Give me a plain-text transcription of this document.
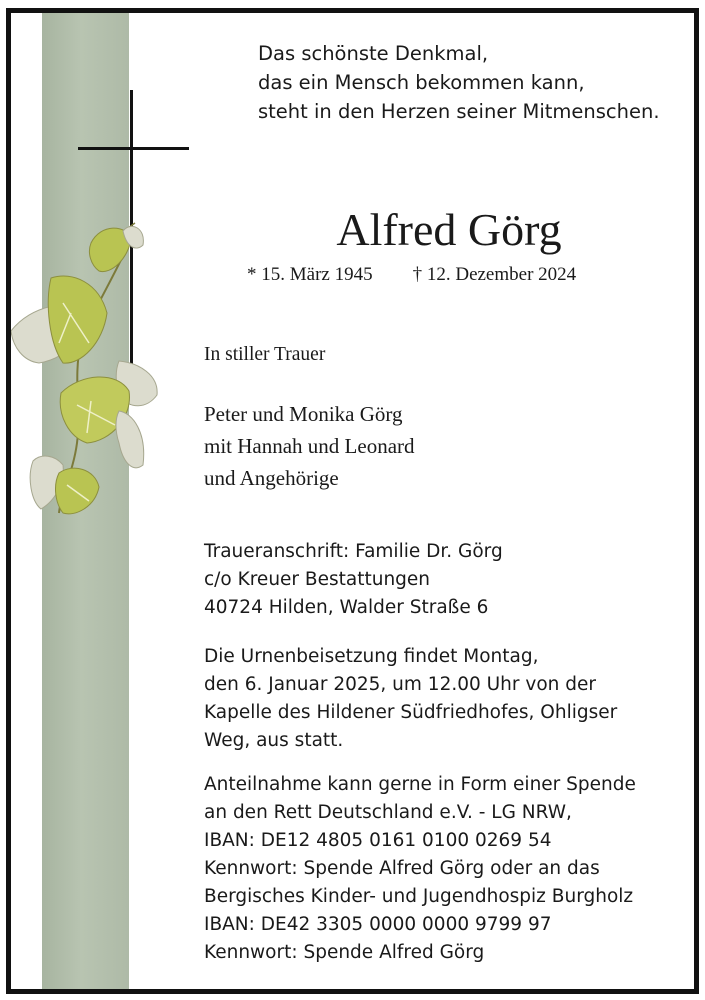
Das schönste Denkmal,
das ein Mensch bekommen kann,
steht in den Herzen seiner Mitmenschen.
Alfred Görg
* 15. März 1945 † 12. Dezember 2024
In stiller Trauer
Peter und Monika Görg
mit Hannah und Leonard
und Angehörige
Traueranschrift: Familie Dr. Görg
c/o Kreuer Bestattungen
40724 Hilden, Walder Straße 6
Die Urnenbeisetzung findet Montag,
den 6. Januar 2025, um 12.00 Uhr von der
Kapelle des Hildener Südfriedhofes, Ohligser
Weg, aus statt.
Anteilnahme kann gerne in Form einer Spende
an den Rett Deutschland e.V. - LG NRW,
IBAN: DE12 4805 0161 0100 0269 54
Kennwort: Spende Alfred Görg oder an das
Bergisches Kinder- und Jugendhospiz Burgholz
IBAN: DE42 3305 0000 0000 9799 97
Kennwort: Spende Alfred Görg
